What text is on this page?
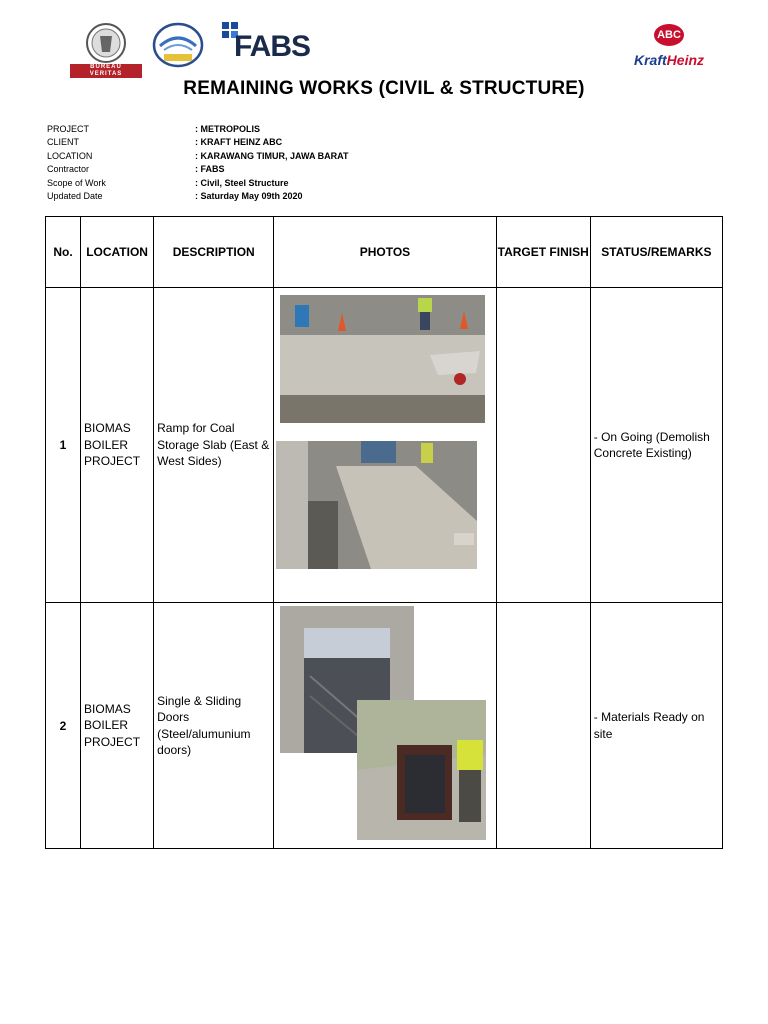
BUREAU
VERITAS
FABS	ABC
KraftHeinz
REMAINING WORKS (CIVIL & STRUCTURE)
PROJECT	: METROPOLIS
CLIENT	: KRAFT HEINZ ABC
LOCATION	: KARAWANG TIMUR, JAWA BARAT
Contractor	: FABS
Scope of Work	: Civil, Steel Structure
Updated Date	: Saturday May 09th 2020
No.	LOCATION	DESCRIPTION	PHOTOS	TARGET FINISH	STATUS/REMARKS
1	BIOMAS BOILER PROJECT	Ramp for Coal Storage Slab (East & West Sides)			- On Going (Demolish Concrete Existing)

2	BIOMAS BOILER PROJECT	Single & Sliding Doors (Steel/alumunium doors)			- Materials Ready on site
